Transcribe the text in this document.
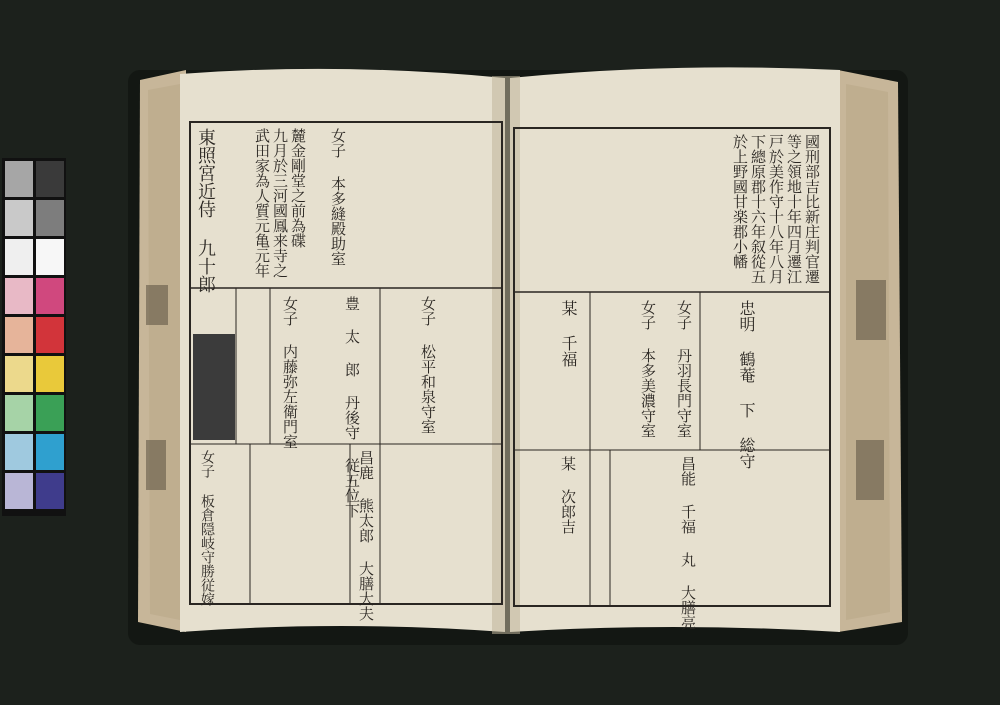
國刑部吉比新庄判官遷
等之領地十年四月遷江
戸於美作守十八年八月
下總原郡十六年叙從五
於上野國甘楽郡小幡
忠明 鶴菴 下 総守
女子 丹羽長門守室
女子 本多美濃守室
某 千福
昌能 千福 丸 大膳亮
某 次郎吉
東照宮近侍 九十郎 武田家為人質元亀元年 九月於三河國鳳来寺之 麓金剛堂之前為碟 女子 本多縫殿助室
豊 太 郎 丹後守 従五位下
女子 内藤弥左衛門室	女子 松平和泉守室
昌鹿 熊太郎 大膳大夫
女子 板倉隠岐守勝従嫁
